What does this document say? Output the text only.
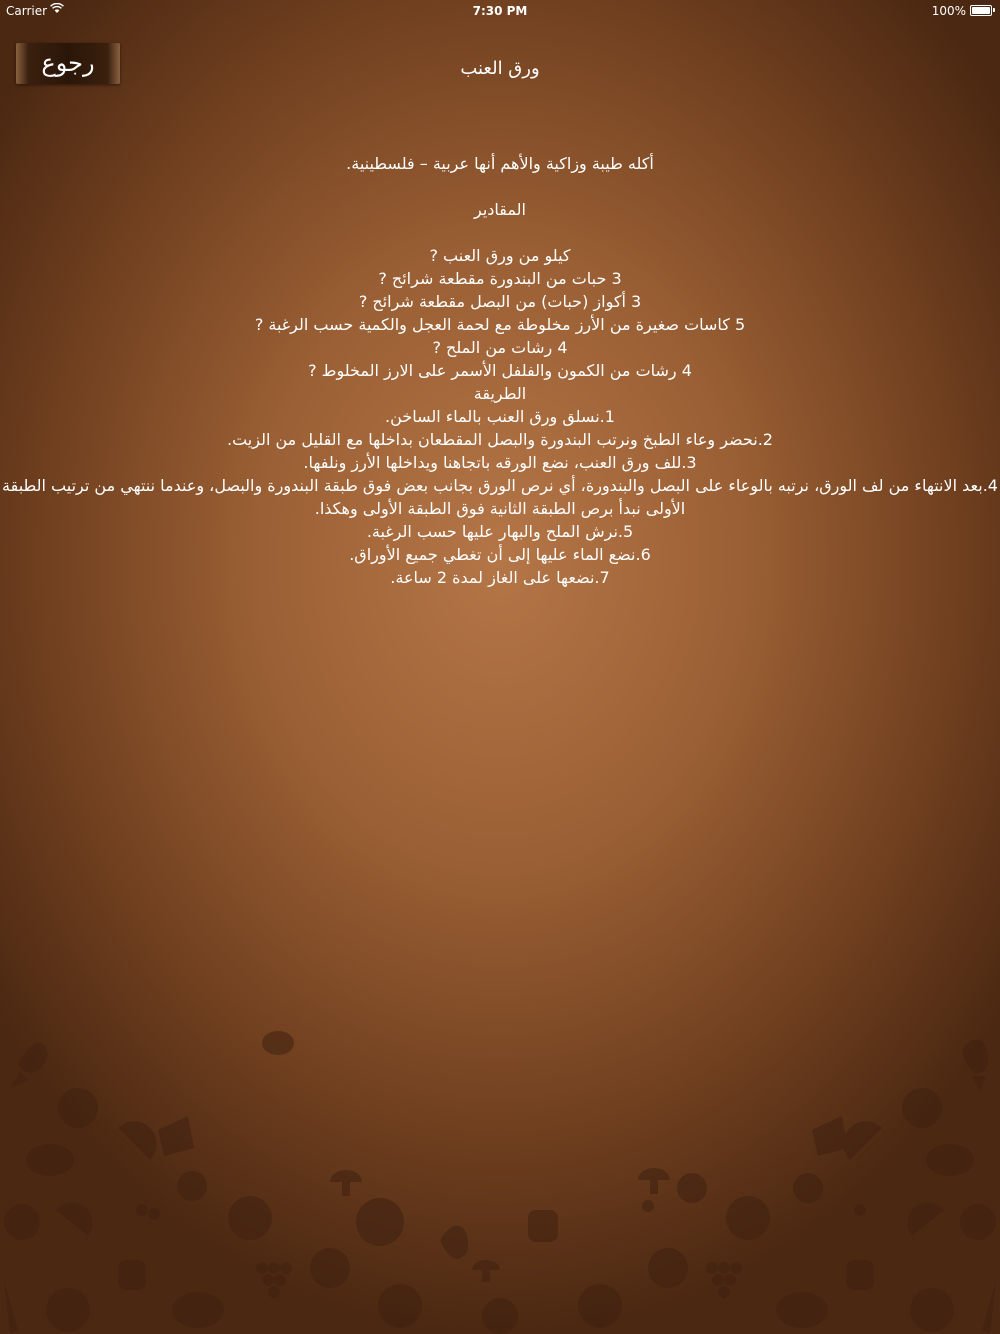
Carrier	7:30 PM	100%
رجوع	ورق العنب

أكله طيبة وزاكية والأهم أنها عربية – فلسطينية.

المقادير

كيلو من ورق العنب ?

3 حبات من البندورة مقطعة شرائح ?

3 أكواز (حبات) من البصل مقطعة شرائح ?

5 كاسات صغيرة من الأرز مخلوطة مع لحمة العجل والكمية حسب الرغبة ?

4 رشات من الملح ?

4 رشات من الكمون والفلفل الأسمر على الارز المخلوط ?

الطريقة

1.نسلق ورق العنب بالماء الساخن.

2.نحضر وعاء الطبخ ونرتب البندورة والبصل المقطعان بداخلها مع القليل من الزيت.

3.للف ورق العنب، نضع الورقه باتجاهنا ويداخلها الأرز ونلفها.

4.بعد الانتهاء من لف الورق، نرتبه بالوعاء على البصل والبندورة، أي نرص الورق بجانب بعض فوق طبقة البندورة والبصل، وعندما ننتهي من ترتيب الطبقة الأولى نبدأ برص الطبقة الثانية فوق الطبقة الأولى وهكذا.

5.نرش الملح والبهار عليها حسب الرغبة.

6.نضع الماء عليها إلى أن تغطي جميع الأوراق.

7.نضعها على الغاز لمدة 2 ساعة.
